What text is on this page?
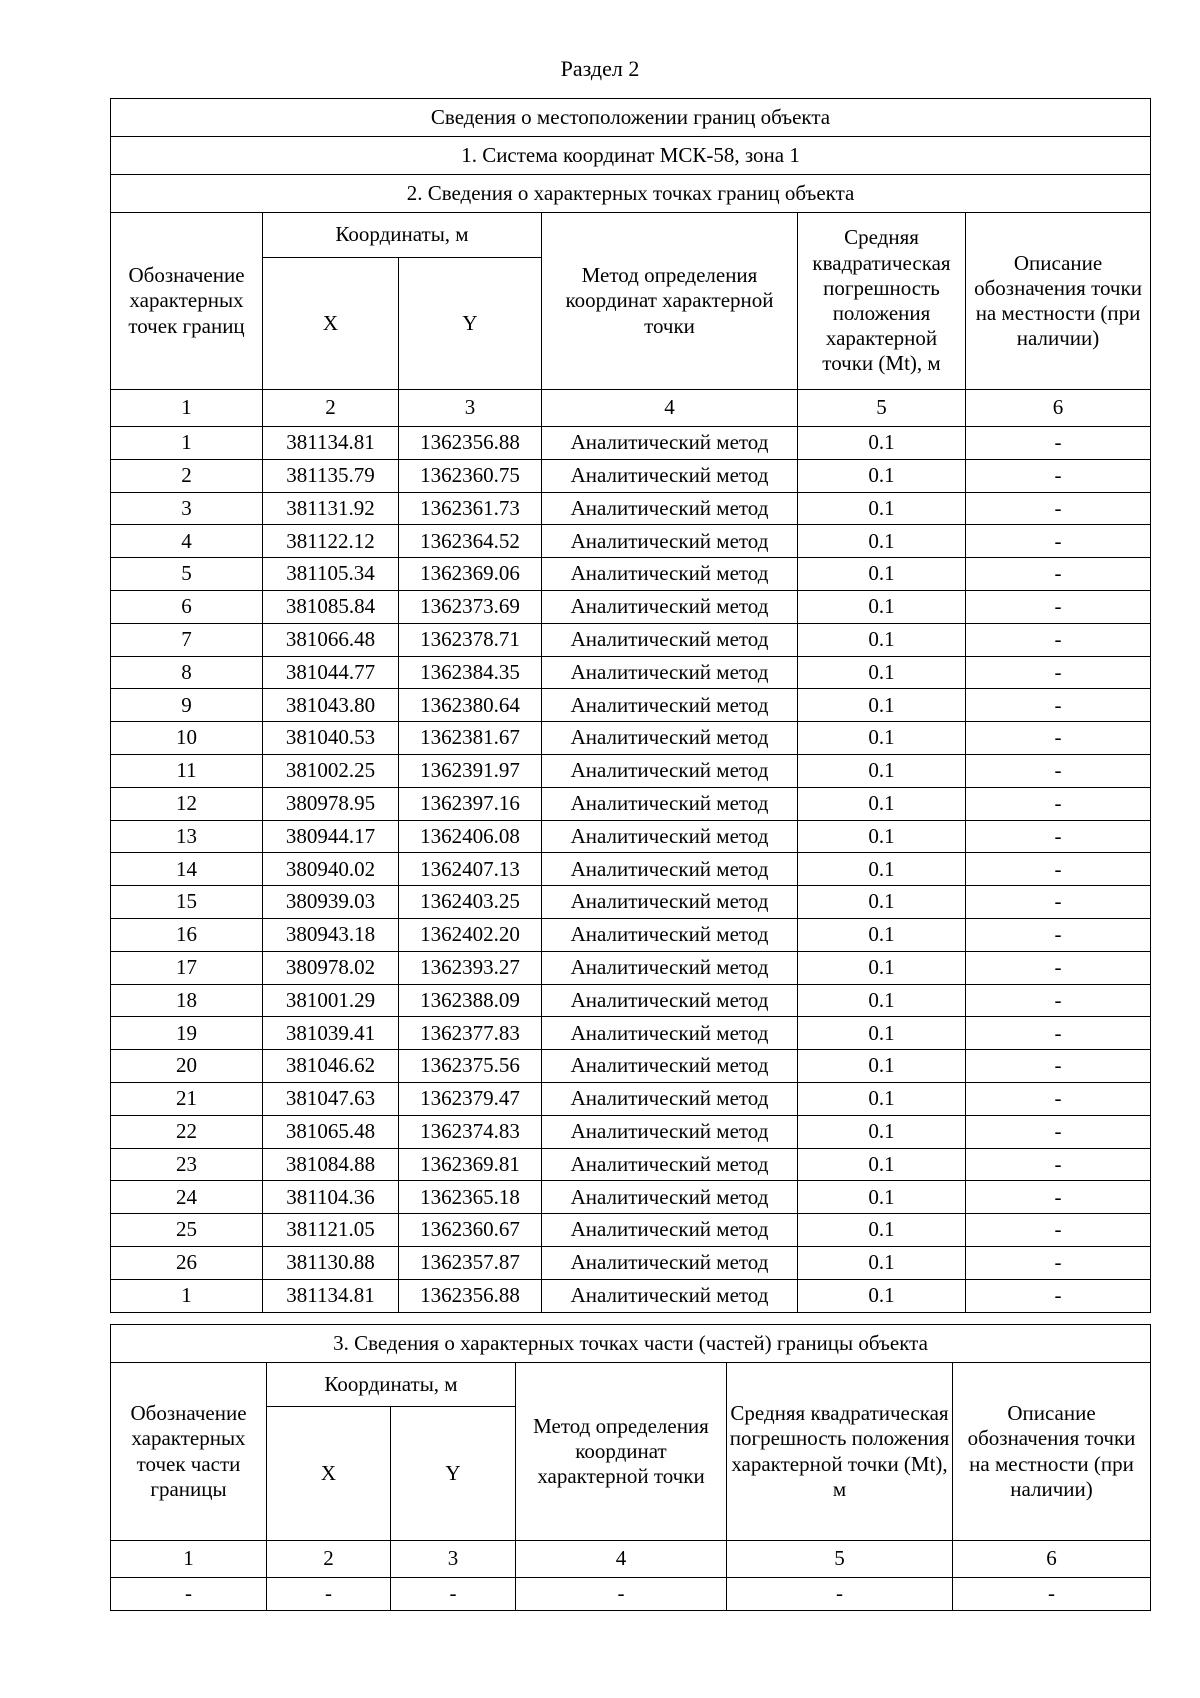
Раздел 2
Сведения о местоположении границ объекта					
1. Система координат МСК-58, зона 1					
2. Сведения о характерных точках границ объекта					
Обозначение характерных точек границ	Координаты, м		Метод определения координат характерной точки	Средняя квадратическая погрешность положения характерной точки (Mt), м	Описание обозначения точки на местности (при наличии)
	X	Y			
1	2	3	4	5	6
1	381134.81	1362356.88	Аналитический метод	0.1	-
2	381135.79	1362360.75	Аналитический метод	0.1	-
3	381131.92	1362361.73	Аналитический метод	0.1	-
4	381122.12	1362364.52	Аналитический метод	0.1	-
5	381105.34	1362369.06	Аналитический метод	0.1	-
6	381085.84	1362373.69	Аналитический метод	0.1	-
7	381066.48	1362378.71	Аналитический метод	0.1	-
8	381044.77	1362384.35	Аналитический метод	0.1	-
9	381043.80	1362380.64	Аналитический метод	0.1	-
10	381040.53	1362381.67	Аналитический метод	0.1	-
11	381002.25	1362391.97	Аналитический метод	0.1	-
12	380978.95	1362397.16	Аналитический метод	0.1	-
13	380944.17	1362406.08	Аналитический метод	0.1	-
14	380940.02	1362407.13	Аналитический метод	0.1	-
15	380939.03	1362403.25	Аналитический метод	0.1	-
16	380943.18	1362402.20	Аналитический метод	0.1	-
17	380978.02	1362393.27	Аналитический метод	0.1	-
18	381001.29	1362388.09	Аналитический метод	0.1	-
19	381039.41	1362377.83	Аналитический метод	0.1	-
20	381046.62	1362375.56	Аналитический метод	0.1	-
21	381047.63	1362379.47	Аналитический метод	0.1	-
22	381065.48	1362374.83	Аналитический метод	0.1	-
23	381084.88	1362369.81	Аналитический метод	0.1	-
24	381104.36	1362365.18	Аналитический метод	0.1	-
25	381121.05	1362360.67	Аналитический метод	0.1	-
26	381130.88	1362357.87	Аналитический метод	0.1	-
1	381134.81	1362356.88	Аналитический метод	0.1	-
3. Сведения о характерных точках части (частей) границы объекта					
Обозначение характерных точек части границы	Координаты, м		Метод определения координат характерной точки	Средняя квадратическая погрешность положения характерной точки (Mt), м	Описание обозначения точки на местности (при наличии)
	X	Y			
1	2	3	4	5	6
-	-	-	-	-	-
